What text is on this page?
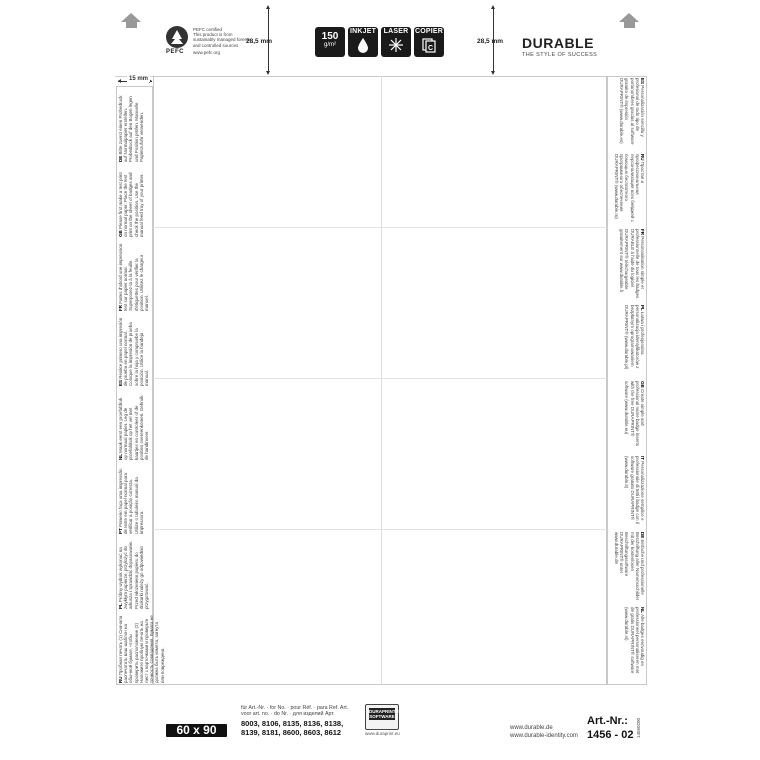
PEFC
PEFC certified
This product is from
sustainably managed forests
and controlled sources
www.pefc.org
28,5 mm	150
g/m²
INKJET	LASER COPIER
C
28,5 mm DURABLE
THE STYLE OF SUCCESS
15 mm
RU Пробная печать (1) Сначала распечатать ваш шаблон на обычной бумаге, чтобы проверить расположение (2) Наложите пробную печать на лист с карточками и проверьте точность совпадения. Бумага не должна быть измята, загнута или повреждена.
PL Próbny wydruk wykonać na zwykłym papierze, przyłożyć do arkusza i sprawdzić dopasowanie. Przed włożeniem papieru do drukarki należy go odpowiednio przygotować.
PT Primeiro faça uma impressão de teste em papel normal para verificar a posição correcta. Utilize o tabuleiro manual da impressora.
NL Maak eerst een proefafdruk op normaal papier. Leg de proefafdruk op het vel met kaartjes en controleer of de posities overeenkomen. Gebruik de handinvoer.
ES Realice primero una impresión de prueba en papel normal. Coloque la impresión de prueba sobre la hoja y compruebe la posición. Utilice la bandeja manual.
FR Faites d'abord une impression test sur papier normal. Superposez-la à la feuille d'étiquettes pour vérifier la position. Utilisez le chargeur manuel.
GB Please first make a test print on normal paper. Place the test print on the sheet of badges and check the position. Use the manual feed tray of your printer.
DE Bitte zuerst einen Probedruck auf Normalpapier erstellen. Probedruck auf den Bogen legen und Position prüfen. Manuelle Papierzufuhr verwenden.
ES Personalización sencilla y profesional de todo tipo de portanombres gracias al software gratuito de impresión DURAPRINT® (www.durable.es)
RU Простая и профессиональная персонализация всех бейджей с помощью бесплатного программного обеспечения DURAPRINT® (www.durable.ru)
FR Personnalisation simple et professionnelle de tous les badges DURABLE à l'aide du logiciel DURAPRINT® téléchargeable gratuitement sur www.durable.fr
PL Łatwa i profesjonalna personalizacja identyfikatorów z bezpłatnym oprogramowaniem DURAPRINT® (www.durable.pl)
GB Create simple and professional name badge inserts with the free DURAPRINT® software (www.durable.eu)
IT Personalizzazione semplice e professionale di tutti i badge con il software gratuito DURAPRINT® (www.durable.it)
DE Einfache und professionelle Beschriftung aller Namensschilder mit der kostenlosen Beschriftungssoftware DURAPRINT® unter www.durable.de
NL Alle badges eenvoudig en professioneel personaliseren met de gratis DURAPRINT® software (www.durable.nl)
60 x 90 mm
für Art.-Nr. · for No. · pour Réf. · para Ref. Art.
voor art. no. · do Nr. · для изделий Арт.
8003, 8106, 8135, 8136, 8138,
8139, 8181, 8600, 8603, 8612
DURAPRINT®
SOFTWARE
www.duraprint.eu
www.durable.de
www.durable-identity.com
Art.-Nr.:
1456 - 02 14560200
